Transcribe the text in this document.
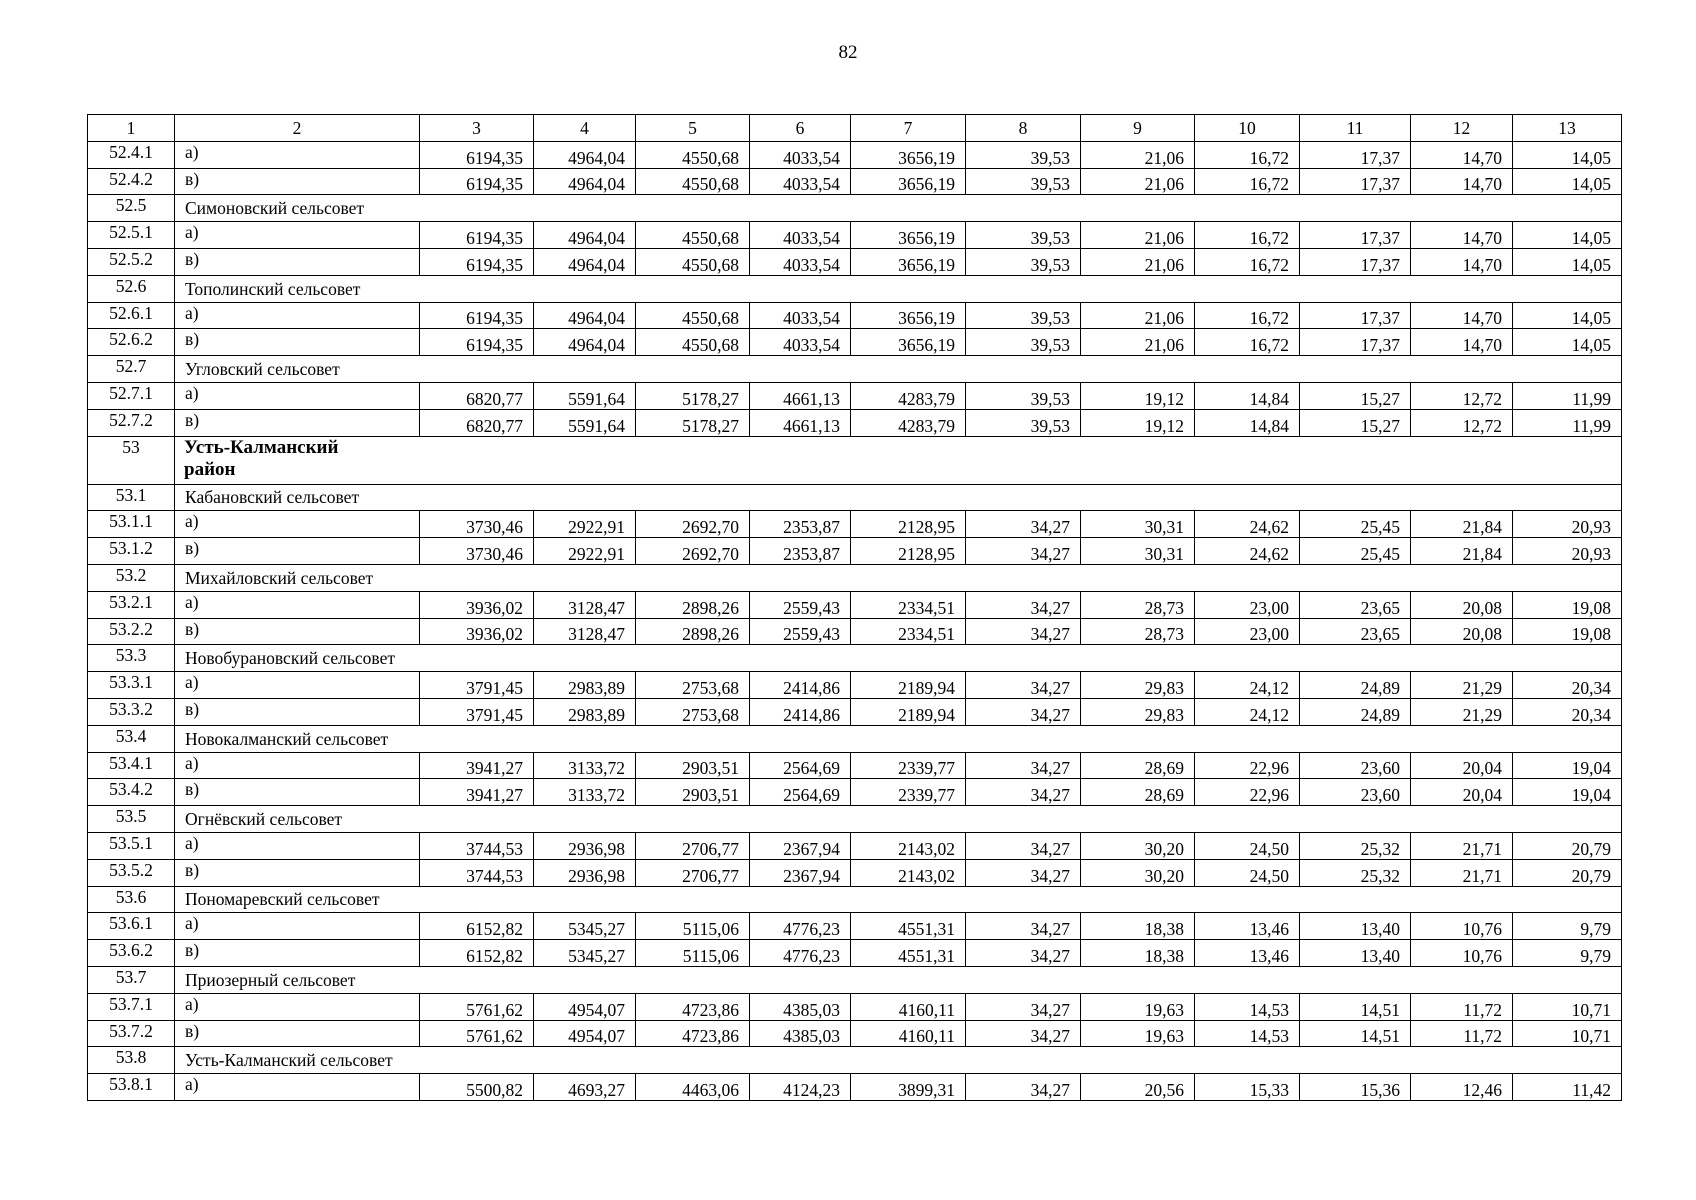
82
1	2	3	4	5	6	7	8	9	10	11	12	13
52.4.1	а)	6194,35	4964,04	4550,68	4033,54	3656,19	39,53	21,06	16,72	17,37	14,70	14,05
52.4.2	в)	6194,35	4964,04	4550,68	4033,54	3656,19	39,53	21,06	16,72	17,37	14,70	14,05
52.5	Симоновский сельсовет											
52.5.1	а)	6194,35	4964,04	4550,68	4033,54	3656,19	39,53	21,06	16,72	17,37	14,70	14,05
52.5.2	в)	6194,35	4964,04	4550,68	4033,54	3656,19	39,53	21,06	16,72	17,37	14,70	14,05
52.6	Тополинский сельсовет											
52.6.1	а)	6194,35	4964,04	4550,68	4033,54	3656,19	39,53	21,06	16,72	17,37	14,70	14,05
52.6.2	в)	6194,35	4964,04	4550,68	4033,54	3656,19	39,53	21,06	16,72	17,37	14,70	14,05
52.7	Угловский сельсовет											
52.7.1	а)	6820,77	5591,64	5178,27	4661,13	4283,79	39,53	19,12	14,84	15,27	12,72	11,99
52.7.2	в)	6820,77	5591,64	5178,27	4661,13	4283,79	39,53	19,12	14,84	15,27	12,72	11,99
53	Усть-Калманский район											

53.1	Кабановский сельсовет											
53.1.1	а)	3730,46	2922,91	2692,70	2353,87	2128,95	34,27	30,31	24,62	25,45	21,84	20,93
53.1.2	в)	3730,46	2922,91	2692,70	2353,87	2128,95	34,27	30,31	24,62	25,45	21,84	20,93
53.2	Михайловский сельсовет											
53.2.1	а)	3936,02	3128,47	2898,26	2559,43	2334,51	34,27	28,73	23,00	23,65	20,08	19,08
53.2.2	в)	3936,02	3128,47	2898,26	2559,43	2334,51	34,27	28,73	23,00	23,65	20,08	19,08
53.3	Новобурановский сельсовет											
53.3.1	а)	3791,45	2983,89	2753,68	2414,86	2189,94	34,27	29,83	24,12	24,89	21,29	20,34
53.3.2	в)	3791,45	2983,89	2753,68	2414,86	2189,94	34,27	29,83	24,12	24,89	21,29	20,34
53.4	Новокалманский сельсовет											
53.4.1	а)	3941,27	3133,72	2903,51	2564,69	2339,77	34,27	28,69	22,96	23,60	20,04	19,04
53.4.2	в)	3941,27	3133,72	2903,51	2564,69	2339,77	34,27	28,69	22,96	23,60	20,04	19,04
53.5	Огнёвский сельсовет											
53.5.1	а)	3744,53	2936,98	2706,77	2367,94	2143,02	34,27	30,20	24,50	25,32	21,71	20,79
53.5.2	в)	3744,53	2936,98	2706,77	2367,94	2143,02	34,27	30,20	24,50	25,32	21,71	20,79
53.6	Пономаревский сельсовет											
53.6.1	а)	6152,82	5345,27	5115,06	4776,23	4551,31	34,27	18,38	13,46	13,40	10,76	9,79
53.6.2	в)	6152,82	5345,27	5115,06	4776,23	4551,31	34,27	18,38	13,46	13,40	10,76	9,79
53.7	Приозерный сельсовет											
53.7.1	а)	5761,62	4954,07	4723,86	4385,03	4160,11	34,27	19,63	14,53	14,51	11,72	10,71
53.7.2	в)	5761,62	4954,07	4723,86	4385,03	4160,11	34,27	19,63	14,53	14,51	11,72	10,71
53.8	Усть-Калманский сельсовет											
53.8.1	а)	5500,82	4693,27	4463,06	4124,23	3899,31	34,27	20,56	15,33	15,36	12,46	11,42
